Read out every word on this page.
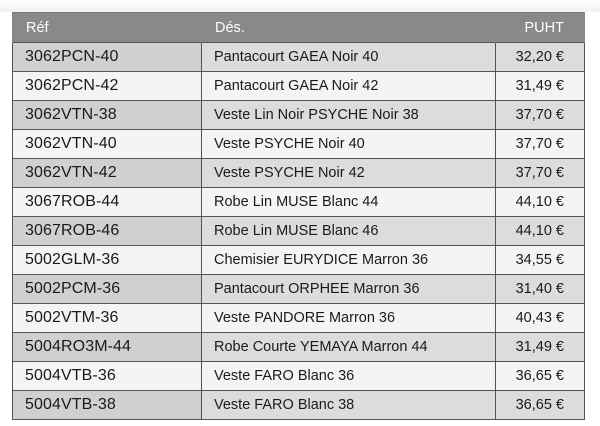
Réf	Dés.	PUHT
3062PCN-40	Pantacourt GAEA Noir 40	32,20 €
3062PCN-42	Pantacourt GAEA Noir 42	31,49 €
3062VTN-38	Veste Lin Noir PSYCHE Noir 38	37,70 €
3062VTN-40	Veste PSYCHE Noir 40	37,70 €
3062VTN-42	Veste PSYCHE Noir 42	37,70 €
3067ROB-44	Robe Lin MUSE Blanc 44	44,10 €
3067ROB-46	Robe Lin MUSE Blanc 46	44,10 €
5002GLM-36	Chemisier EURYDICE Marron 36	34,55 €
5002PCM-36	Pantacourt ORPHEE Marron 36	31,40 €
5002VTM-36	Veste PANDORE Marron 36	40,43 €
5004RO3M-44	Robe Courte YEMAYA Marron 44	31,49 €
5004VTB-36	Veste FARO Blanc 36	36,65 €
5004VTB-38	Veste FARO Blanc 38	36,65 €
